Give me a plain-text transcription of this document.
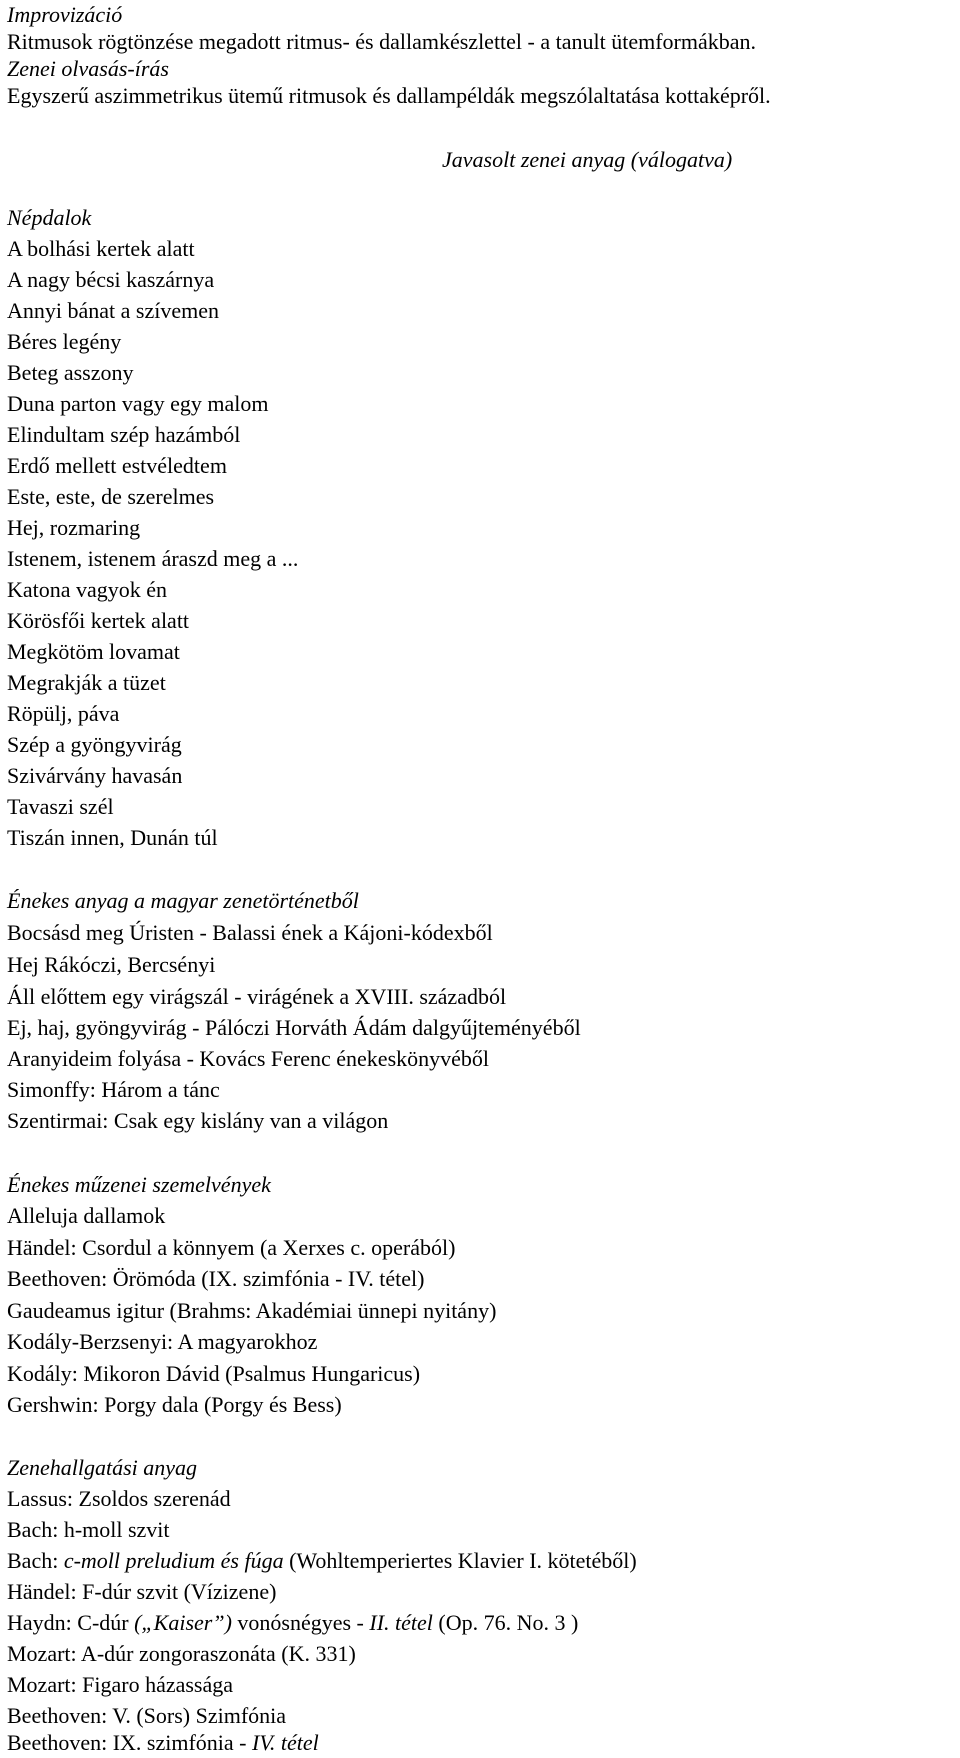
Improvizáció
Ritmusok rögtönzése megadott ritmus- és dallamkészlettel - a tanult ütemformákban.
Zenei olvasás-írás
Egyszerű aszimmetrikus ütemű ritmusok és dallampéldák megszólaltatása kottaképről.
Javasolt zenei anyag (válogatva)
Népdalok
A bolhási kertek alatt
A nagy bécsi kaszárnya
Annyi bánat a szívemen
Béres legény
Beteg asszony
Duna parton vagy egy malom
Elindultam szép hazámból
Erdő mellett estvéledtem
Este, este, de szerelmes
Hej, rozmaring
Istenem, istenem áraszd meg a ...
Katona vagyok én
Körösfői kertek alatt
Megkötöm lovamat
Megrakják a tüzet
Röpülj, páva
Szép a gyöngyvirág
Szivárvány havasán
Tavaszi szél
Tiszán innen, Dunán túl
Énekes anyag a magyar zenetörténetből
Bocsásd meg Úristen - Balassi ének a Kájoni-kódexből
Hej Rákóczi, Bercsényi
Áll előttem egy virágszál - virágének a XVIII. századból
Ej, haj, gyöngyvirág - Pálóczi Horváth Ádám dalgyűjteményéből
Aranyideim folyása - Kovács Ferenc énekeskönyvéből
Simonffy: Három a tánc
Szentirmai: Csak egy kislány van a világon
Énekes műzenei szemelvények
Alleluja dallamok
Händel: Csordul a könnyem (a Xerxes c. operából)
Beethoven: Örömóda (IX. szimfónia - IV. tétel)
Gaudeamus igitur (Brahms: Akadémiai ünnepi nyitány)
Kodály-Berzsenyi: A magyarokhoz
Kodály: Mikoron Dávid (Psalmus Hungaricus)
Gershwin: Porgy dala (Porgy és Bess)
Zenehallgatási anyag
Lassus: Zsoldos szerenád
Bach: h-moll szvit
Bach: c-moll preludium és fúga (Wohltemperiertes Klavier I. kötetéből)
Händel: F-dúr szvit (Vízizene)
Haydn: C-dúr („Kaiser”) vonósnégyes - II. tétel (Op. 76. No. 3 )
Mozart: A-dúr zongoraszonáta (K. 331)
Mozart: Figaro házassága
Beethoven: V. (Sors) Szimfónia
Beethoven: IX. szimfónia - IV. tétel
